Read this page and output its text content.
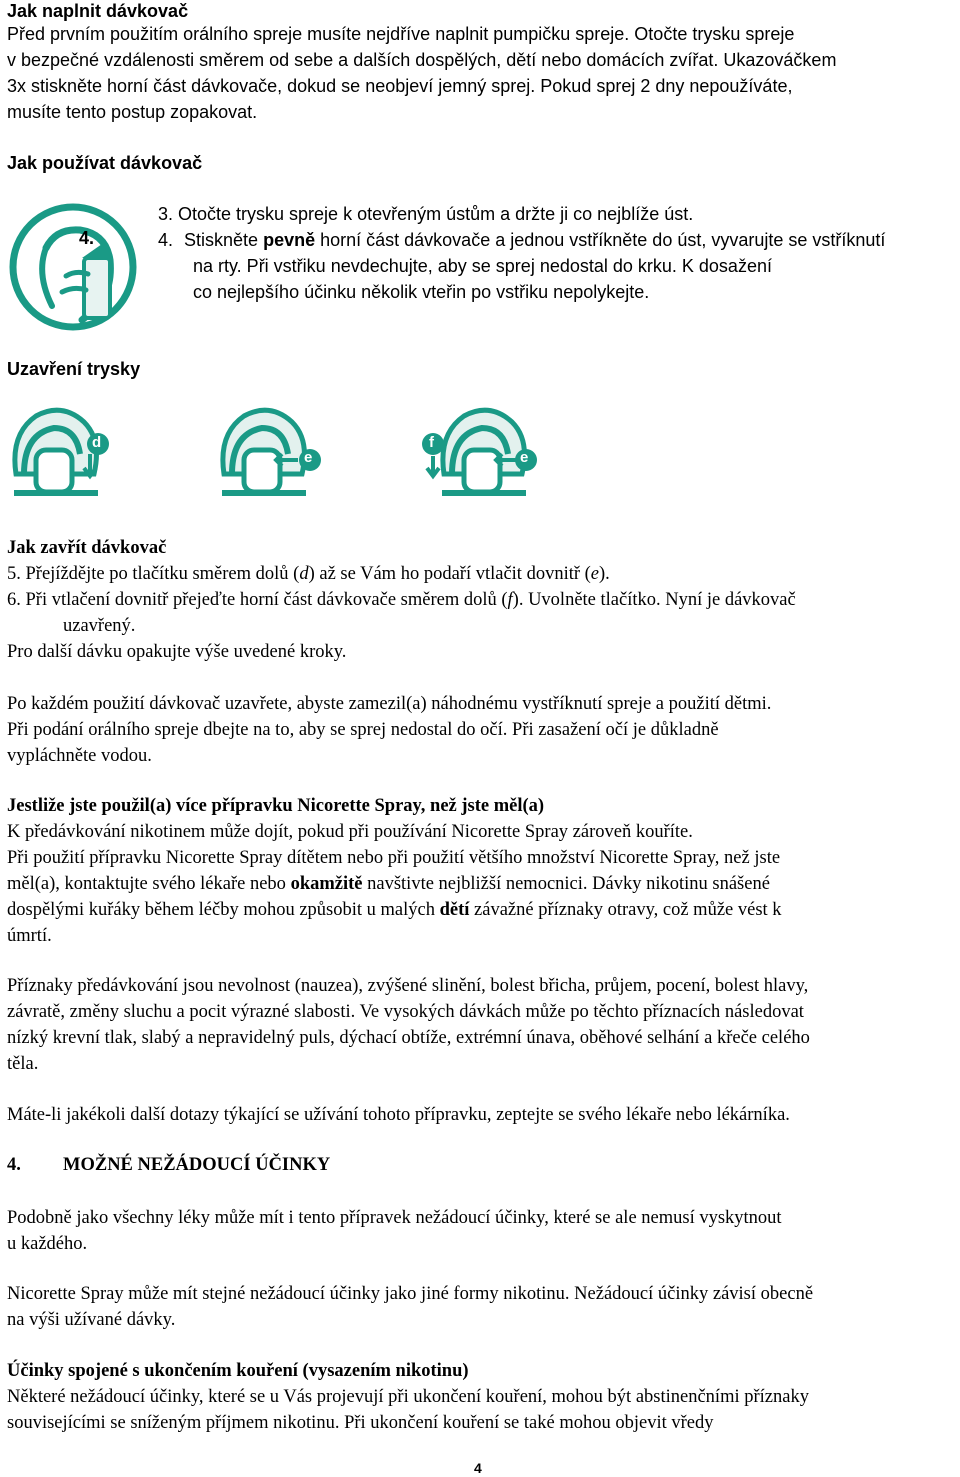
Jak naplnit dávkovač
Před prvním použitím orálního spreje musíte nejdříve naplnit pumpičku spreje. Otočte trysku spreje
v bezpečné vzdálenosti směrem od sebe a dalších dospělých, dětí nebo domácích zvířat. Ukazováčkem
3x stiskněte horní část dávkovače, dokud se neobjeví jemný sprej. Pokud sprej 2 dny nepoužíváte,
musíte tento postup zopakovat.
Jak používat dávkovač
4.
3. Otočte trysku spreje k otevřeným ústům a držte ji co nejblíže úst.
4. Stiskněte pevně horní část dávkovače a jednou vstříkněte do úst, vyvarujte se vstříknutí
na rty. Při vstřiku nevdechujte, aby se sprej nedostal do krku. K dosažení
co nejlepšího účinku několik vteřin po vstřiku nepolykejte.
Uzavření trysky
d
e
f
e
Jak zavřít dávkovač
5. Přejíždějte po tlačítku směrem dolů (d) až se Vám ho podaří vtlačit dovnitř (e).
6. Při vtlačení dovnitř přejeďte horní část dávkovače směrem dolů (f). Uvolněte tlačítko. Nyní je dávkovač
uzavřený.
Pro další dávku opakujte výše uvedené kroky.
Po každém použití dávkovač uzavřete, abyste zamezil(a) náhodnému vystříknutí spreje a použití dětmi.
Při podání orálního spreje dbejte na to, aby se sprej nedostal do očí. Při zasažení očí je důkladně
vypláchněte vodou.
Jestliže jste použil(a) více přípravku Nicorette Spray, než jste měl(a)
K předávkování nikotinem může dojít, pokud při používání Nicorette Spray zároveň kouříte.
Při použití přípravku Nicorette Spray dítětem nebo při použití většího množství Nicorette Spray, než jste
měl(a), kontaktujte svého lékaře nebo okamžitě navštivte nejbližší nemocnici. Dávky nikotinu snášené
dospělými kuřáky během léčby mohou způsobit u malých dětí závažné příznaky otravy, což může vést k
úmrtí.
Příznaky předávkování jsou nevolnost (nauzea), zvýšené slinění, bolest břicha, průjem, pocení, bolest hlavy,
závratě, změny sluchu a pocit výrazné slabosti. Ve vysokých dávkách může po těchto příznacích následovat
nízký krevní tlak, slabý a nepravidelný puls, dýchací obtíže, extrémní únava, oběhové selhání a křeče celého
těla.
Máte-li jakékoli další dotazy týkající se užívání tohoto přípravku, zeptejte se svého lékaře nebo lékárníka.
4. MOŽNÉ NEŽÁDOUCÍ ÚČINKY
Podobně jako všechny léky může mít i tento přípravek nežádoucí účinky, které se ale nemusí vyskytnout
u každého.
Nicorette Spray může mít stejné nežádoucí účinky jako jiné formy nikotinu. Nežádoucí účinky závisí obecně
na výši užívané dávky.
Účinky spojené s ukončením kouření (vysazením nikotinu)
Některé nežádoucí účinky, které se u Vás projevují při ukončení kouření, mohou být abstinenčními příznaky
souvisejícími se sníženým příjmem nikotinu. Při ukončení kouření se také mohou objevit vředy
4
